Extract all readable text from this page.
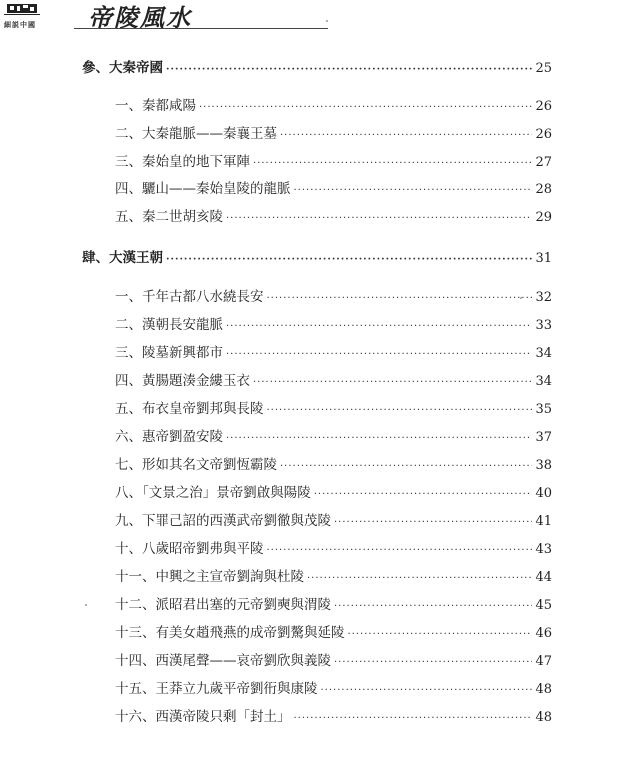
細説中國 帝陵風水
參、大秦帝國 ·····	25
一、秦都咸陽 ·····	26
二、大秦龍脈——秦襄王墓 ·····	26
三、秦始皇的地下軍陣 ·····	27
四、驪山——秦始皇陵的龍脈 ·····	28
五、秦二世胡亥陵 ·····	29
肆、大漢王朝 ·····	31
一、千年古都八水繞長安 ·····	32
二、漢朝長安龍脈 ·····	33
三、陵墓新興都市 ·····	34
四、黃腸題湊金縷玉衣 ·····	34
五、布衣皇帝劉邦與長陵 ·····	35
六、惠帝劉盈安陵 ·····	37
七、形如其名文帝劉恆霸陵 ·····	38
八、「文景之治」景帝劉啟與陽陵 ·····	40
九、下罪己詔的西漢武帝劉徹與茂陵 ·····	41
十、八歲昭帝劉弗與平陵 ·····	43
十一、中興之主宣帝劉詢與杜陵 ·····	44
十二、派昭君出塞的元帝劉奭與渭陵 ·····	45
十三、有美女趙飛燕的成帝劉驁與延陵 ·····	46
十四、西漢尾聲——哀帝劉欣與義陵 ·····	47
十五、王莽立九歲平帝劉衎與康陵 ·····	48
十六、西漢帝陵只剩「封土」 ·····	48
